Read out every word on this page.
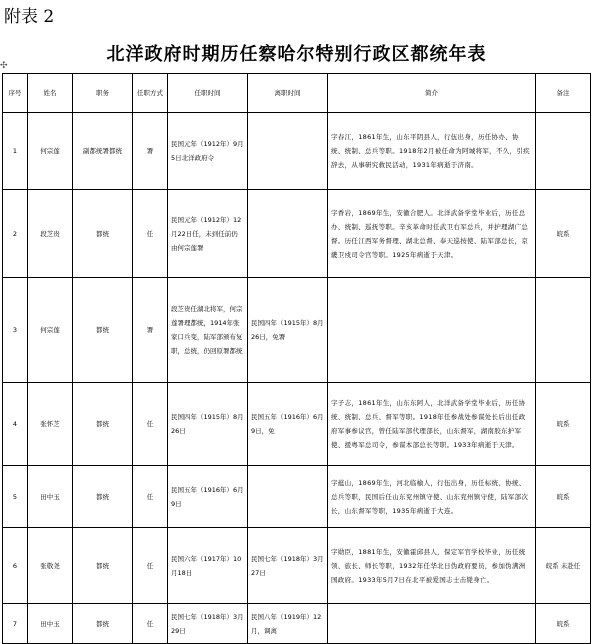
附表 2
北洋政府时期历任察哈尔特别行政区都统年表
✣
序号	姓名	职务	任职方式	任职时间	离职时间	简介	备注
1	何宗莲	副都统署都统	署	民国元年（1912年）9月5日北洋政府令		字春江，1861年生，山东平阴县人，行伍出身，历任协办、协统、统制、总兵等职。1918年2月被任命为阿城将军，不久，引疾辞去，从事研究救民活动，1931年病逝于济南。	
2	段芝贵	都统	任	民国元年（1912年）12月22日任，未到任前仍由何宗莲署		字香岩，1869年生，安徽合肥人。北洋武备学堂毕业后，历任总办、统制、巡抚等职。辛亥革命时任武卫右军总兵，并护理湖广总督。历任江西军务督理、湖北总督、奉天巡按使、陆军部总长，京畿卫戍司令官等职。1925年病逝于天津。	皖系
3	何宗莲	都统	署	段芝贵任湖北将军，何宗莲署理都统，1914年张家口兵变，陆军部颁布复职，总统，仍回原署都统	民国四年（1915年）8月26日，免署		
4	张怀芝	都统	任	民国四年（1915年）8月26日	民国五年（1916年）6月9日，免	字子志，1861年生，山东东阿人，北洋武备学堂毕业后，历任协统、统制、总兵、督军等职。1918年任参战处参谋处长后出任政府军事参议官，曾任陆军部代理部长，山东督军，湖南胶东护军使、援粤军总司令，参谋本部总长等职。1933年病逝于天津。	皖系
5	田中玉	都统	任	民国五年（1916年）6月9日		字蕴山，1869年生，河北临榆人，行伍出身，历任标统、协统、总兵等职，民国后任山东兖州镇守使、山东兖州镇守使，陆军部次长，山东督军等职，1935年病逝于大连。	皖系
6	张敬尧	都统	任	民国六年（1917年）10月18日	民国七年（1918年）3月27日	字勋臣，1881年生，安徽霍邱县人，保定军官学校毕业，历任统领、旅长、师长等职，1932年任华北日伪政府要员，参加伪满洲国政府。1933年5月7日在北平被爱国志士击毙身亡。	皖系 未赴任
7	田中玉	都统	任	民国七年（1918年）3月29日	民国八年（1919年）12月，调离		皖系
